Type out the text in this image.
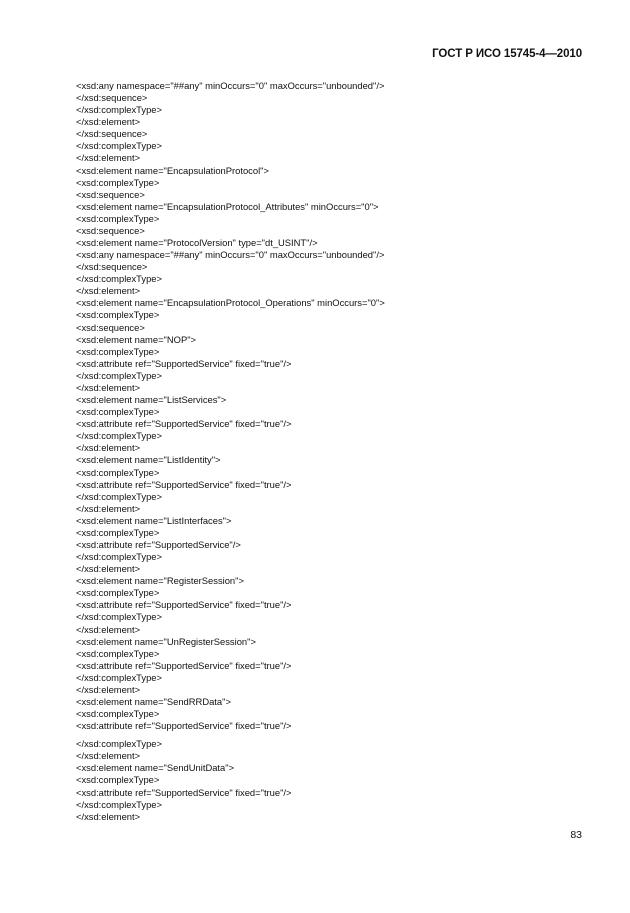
ГОСТ Р ИСО 15745-4—2010
<xsd:any namespace="##any" minOccurs="0" maxOccurs="unbounded"/>
</xsd:sequence>
</xsd:complexType>
</xsd:element>
</xsd:sequence>
</xsd:complexType>
</xsd:element>
<xsd:element name="EncapsulationProtocol">
<xsd:complexType>
<xsd:sequence>
<xsd:element name="EncapsulationProtocol_Attributes" minOccurs="0">
<xsd:complexType>
<xsd:sequence>
<xsd:element name="ProtocolVersion" type="dt_USINT"/>
<xsd:any namespace="##any" minOccurs="0" maxOccurs="unbounded"/>
</xsd:sequence>
</xsd:complexType>
</xsd:element>
<xsd:element name="EncapsulationProtocol_Operations" minOccurs="0">
<xsd:complexType>
<xsd:sequence>
<xsd:element name="NOP">
<xsd:complexType>
<xsd:attribute ref="SupportedService" fixed="true"/>
</xsd:complexType>
</xsd:element>
<xsd:element name="ListServices">
<xsd:complexType>
<xsd:attribute ref="SupportedService" fixed="true"/>
</xsd:complexType>
</xsd:element>
<xsd:element name="ListIdentity">
<xsd:complexType>
<xsd:attribute ref="SupportedService" fixed="true"/>
</xsd:complexType>
</xsd:element>
<xsd:element name="ListInterfaces">
<xsd:complexType>
<xsd:attribute ref="SupportedService"/>
</xsd:complexType>
</xsd:element>
<xsd:element name="RegisterSession">
<xsd:complexType>
<xsd:attribute ref="SupportedService" fixed="true"/>
</xsd:complexType>
</xsd:element>
<xsd:element name="UnRegisterSession">
<xsd:complexType>
<xsd:attribute ref="SupportedService" fixed="true"/>
</xsd:complexType>
</xsd:element>
<xsd:element name="SendRRData">
<xsd:complexType>
<xsd:attribute ref="SupportedService" fixed="true"/>
</xsd:complexType>
</xsd:element>
<xsd:element name="SendUnitData">
<xsd:complexType>
<xsd:attribute ref="SupportedService" fixed="true"/>
</xsd:complexType>
</xsd:element>
83
